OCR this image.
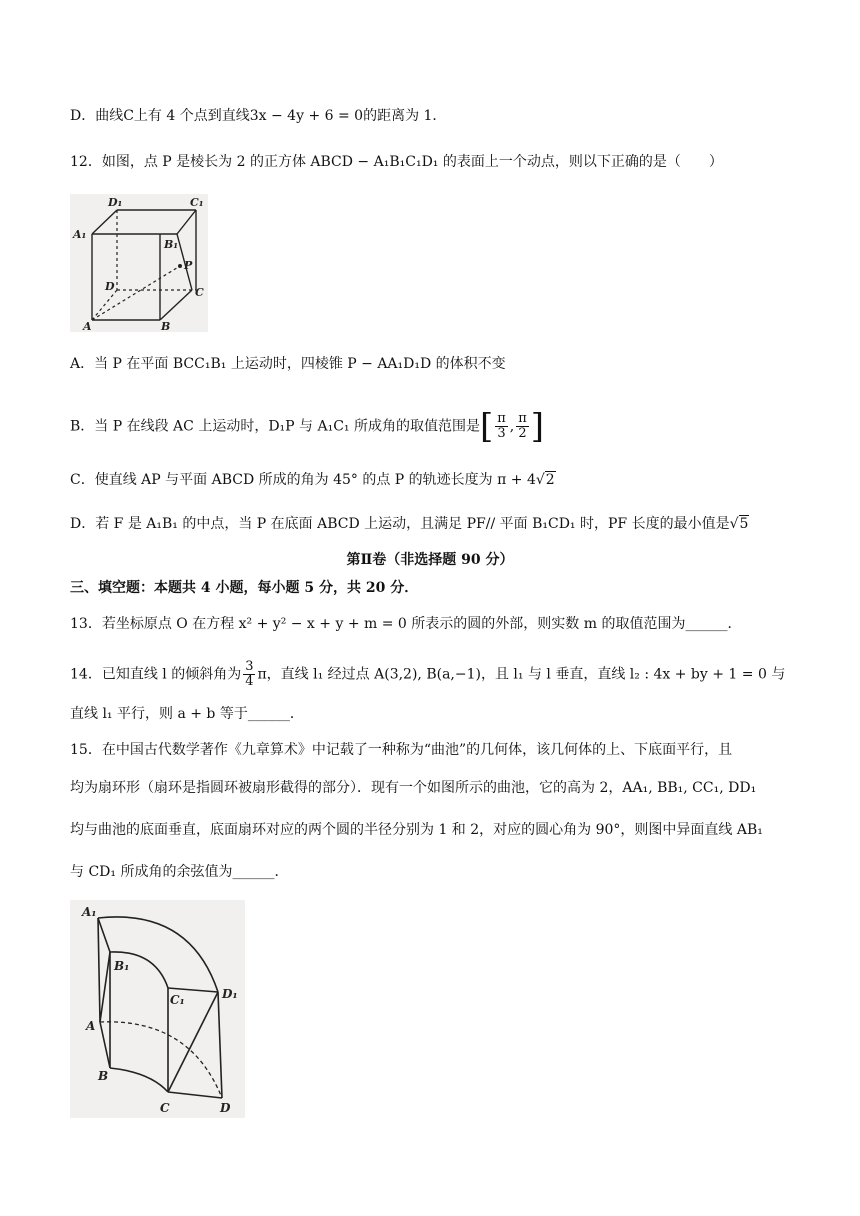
D．曲线C上有 4 个点到直线3x − 4y + 6 = 0的距离为 1．
12．如图，点 P 是棱长为 2 的正方体 ABCD − A₁B₁C₁D₁ 的表面上一个动点，则以下正确的是（　　）
D₁	C₁
A₁
B₁
P
D	C
A	B
A．当 P 在平面 BCC₁B₁ 上运动时，四棱锥 P − AA₁D₁D 的体积不变
B．当 P 在线段 AC 上运动时，D₁P 与 A₁C₁ 所成角的取值范围是[ $\frac{\pi}{3}$ , $\frac{\pi}{2}$ ]
C．使直线 AP 与平面 ABCD 所成的角为 45° 的点 P 的轨迹长度为 π + 4√2
D．若 F 是 A₁B₁ 的中点，当 P 在底面 ABCD 上运动，且满足 PF// 平面 B₁CD₁ 时，PF 长度的最小值是√5
第Ⅱ卷（非选择题 90 分）
三、填空题：本题共 4 小题，每小题 5 分，共 20 分．
13．若坐标原点 O 在方程 x² + y² − x + y + m = 0 所表示的圆的外部，则实数 m 的取值范围为______．
14．已知直线 l 的倾斜角为 $\frac{3}{4}$ π，直线 l₁ 经过点 A(3,2), B(a,−1)，且 l₁ 与 l 垂直，直线 l₂ : 4x + by + 1 = 0 与
直线 l₁ 平行，则 a + b 等于______．
15．在中国古代数学著作《九章算术》中记载了一种称为“曲池”的几何体，该几何体的上、下底面平行，且
均为扇环形（扇环是指圆环被扇形截得的部分）．现有一个如图所示的曲池，它的高为 2，AA₁, BB₁, CC₁, DD₁
均与曲池的底面垂直，底面扇环对应的两个圆的半径分别为 1 和 2，对应的圆心角为 90°，则图中异面直线 AB₁
与 CD₁ 所成角的余弦值为______．
A₁
B₁
C₁	D₁
A
B
C	D
